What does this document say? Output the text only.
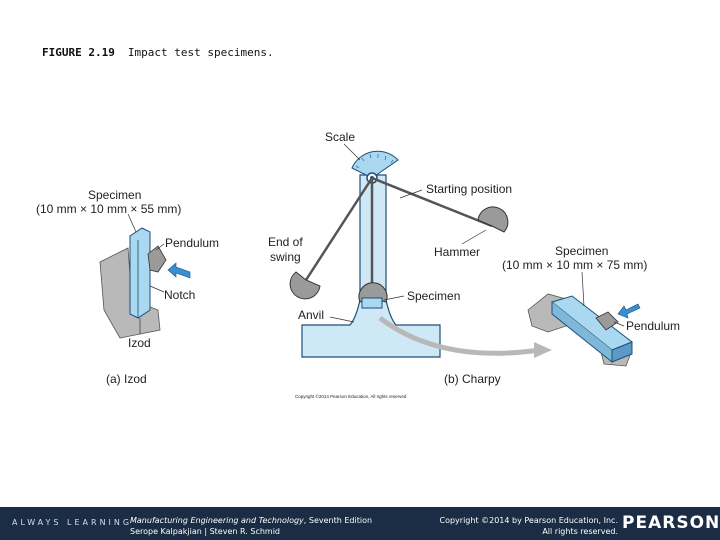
FIGURE 2.19 Impact test specimens.
Scale
Starting position
Hammer
End of
swing
Specimen
Anvil
Specimen
(10 mm × 10 mm × 55 mm)
Pendulum
Notch
Izod
(a) Izod
Specimen
(10 mm × 10 mm × 75 mm)
Pendulum
(b) Charpy
Copyright ©2014 Pearson Education, All rights reserved
ALWAYS LEARNING
Manufacturing Engineering and Technology, Seventh Edition
Serope Kalpakjian | Steven R. Schmid
Copyright ©2014 by Pearson Education, Inc.
All rights reserved. PEARSON
